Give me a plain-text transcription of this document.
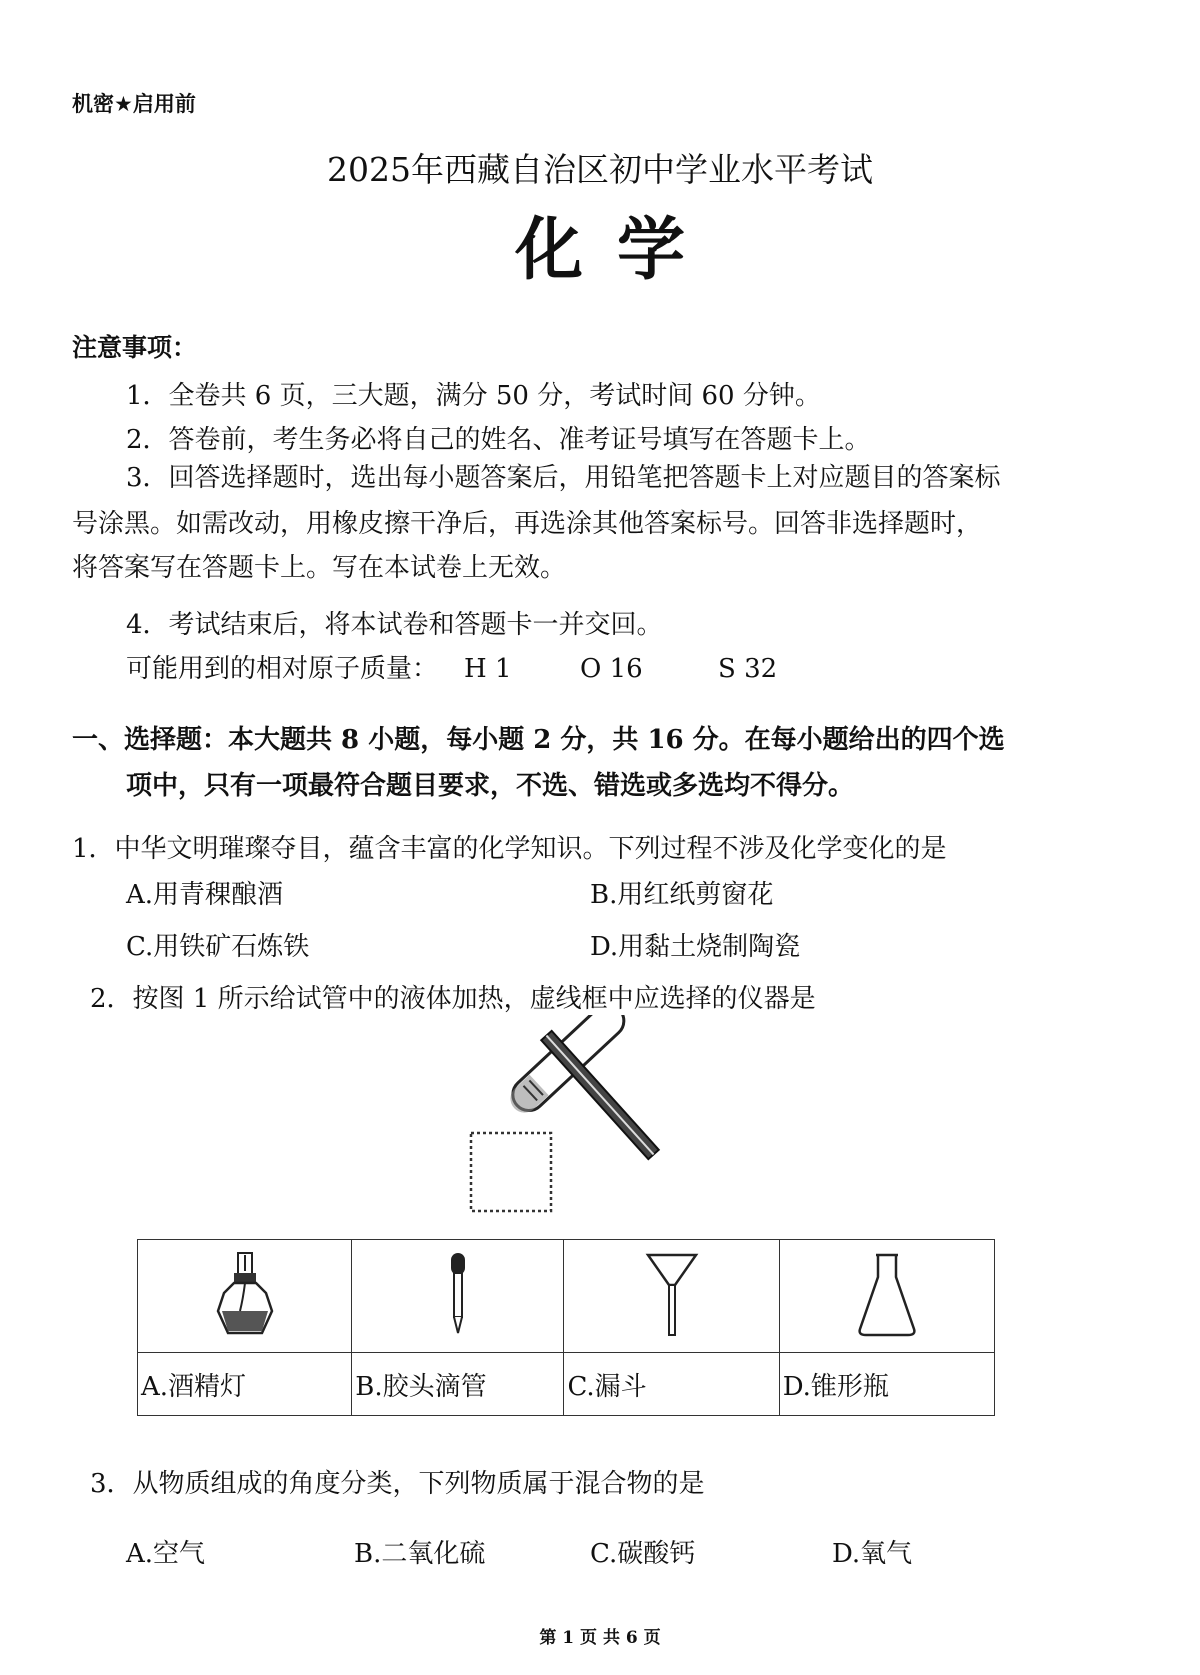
机密★启用前
2025年西藏自治区初中学业水平考试
化学
注意事项：
1．全卷共 6 页，三大题，满分 50 分，考试时间 60 分钟。
2．答卷前，考生务必将自己的姓名、准考证号填写在答题卡上。
3．回答选择题时，选出每小题答案后，用铅笔把答题卡上对应题目的答案标
号涂黑。如需改动，用橡皮擦干净后，再选涂其他答案标号。回答非选择题时，
将答案写在答题卡上。写在本试卷上无效。
4．考试结束后，将本试卷和答题卡一并交回。
可能用到的相对原子质量： H 1	O 16	S 32
一、选择题：本大题共 8 小题，每小题 2 分，共 16 分。在每小题给出的四个选
项中，只有一项最符合题目要求，不选、错选或多选均不得分。
1．中华文明璀璨夺目，蕴含丰富的化学知识。下列过程不涉及化学变化的是
A.用青稞酿酒	B.用红纸剪窗花
C.用铁矿石炼铁	D.用黏土烧制陶瓷
2．按图 1 所示给试管中的液体加热，虚线框中应选择的仪器是

A.酒精灯	B.胶头滴管	C.漏斗	D.锥形瓶
3．从物质组成的角度分类，下列物质属于混合物的是
A.空气	B.二氧化硫	C.碳酸钙	D.氧气
第 1 页 共 6 页
